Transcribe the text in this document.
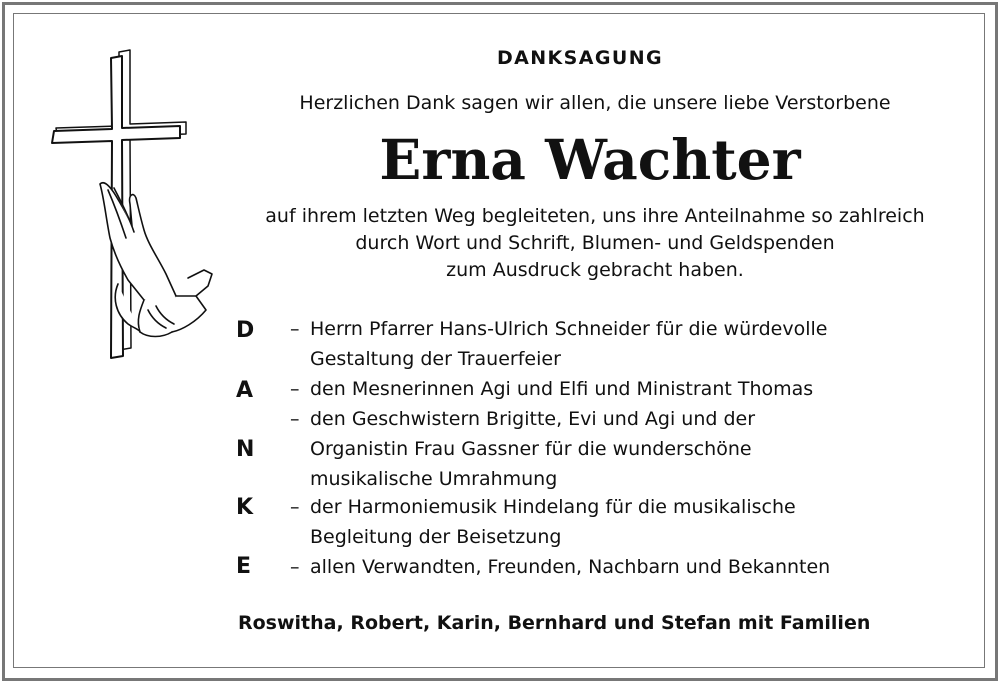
DANKSAGUNG
Herzlichen Dank sagen wir allen, die unsere liebe Verstorbene
Erna Wachter
auf ihrem letzten Weg begleiteten, uns ihre Anteilnahme so zahlreich
durch Wort und Schrift, Blumen- und Geldspenden
zum Ausdruck gebracht haben.
D – Herrn Pfarrer Hans-Ulrich Schneider für die würdevolle
Gestaltung der Trauerfeier
A – den Mesnerinnen Agi und Elfi und Ministrant Thomas
N
– den Geschwistern Brigitte, Evi und Agi und der
Organistin Frau Gassner für die wunderschöne
musikalische Umrahmung
K – der Harmoniemusik Hindelang für die musikalische
Begleitung der Beisetzung
E – allen Verwandten, Freunden, Nachbarn und Bekannten
Roswitha, Robert, Karin, Bernhard und Stefan mit Familien
